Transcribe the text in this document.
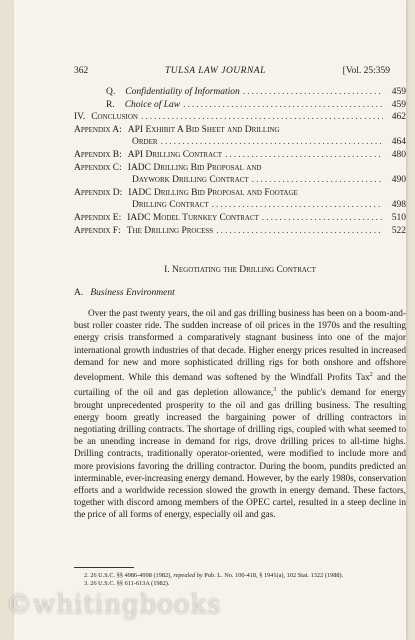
362	TULSA LAW JOURNAL	[Vol. 25:359
Q. Confidentiality of Information .....	459
R. Choice of Law .....	459
IV. Conclusion .....	462
Appendix A: API Exhibit A Bid Sheet and Drilling
Order .....	464
Appendix B: API Drilling Contract .....	480
Appendix C: IADC Drilling Bid Proposal and
Daywork Drilling Contract .....	490
Appendix D: IADC Drilling Bid Proposal and Footage
Drilling Contract .....	498
Appendix E: IADC Model Turnkey Contract .....	510
Appendix F: The Drilling Process .....	522
I. Negotiating the Drilling Contract
A. Business Environment
Over the past twenty years, the oil and gas drilling business has been on a boom-and-bust roller coaster ride. The sudden increase of oil prices in the 1970s and the resulting energy crisis transformed a comparatively stagnant business into one of the major international growth industries of that decade. Higher energy prices resulted in increased demand for new and more sophisticated drilling rigs for both onshore and offshore development. While this demand was softened by the Windfall Profits Tax$^2$ and the curtailing of the oil and gas depletion allowance,$^3$ the public's demand for energy brought unprecedented prosperity to the oil and gas drilling business. The resulting energy boom greatly increased the bargaining power of drilling contractors in negotiating drilling contracts. The shortage of drilling rigs, coupled with what seemed to be an unending increase in demand for rigs, drove drilling prices to all-time highs. Drilling contracts, traditionally operator-oriented, were modified to include more and more provisions favoring the drilling contractor. During the boom, pundits predicted an interminable, ever-increasing energy demand. However, by the early 1980s, conservation efforts and a worldwide recession slowed the growth in energy demand. These factors, together with discord among members of the OPEC cartel, resulted in a steep decline in the price of all forms of energy, especially oil and gas.

2. 26 U.S.C. §§ 4986-4998 (1982), repealed by Pub. L. No. 100-418, § 1941(a), 102 Stat. 1322 (1988).

3. 26 U.S.C. §§ 611-613A (1982).

©whitingbooks
